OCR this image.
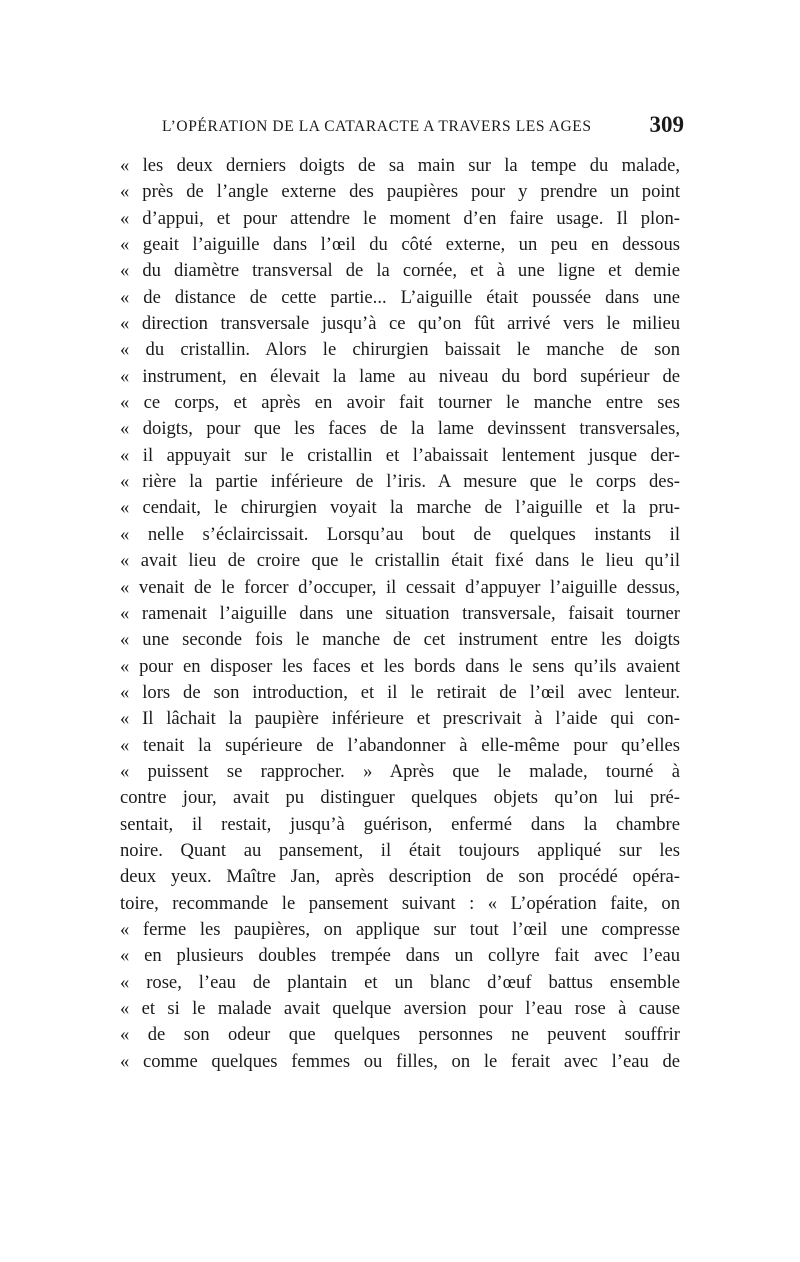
L’OPÉRATION DE LA CATARACTE A TRAVERS LES AGES	309
« les deux derniers doigts de sa main sur la tempe du malade,
« près de l’angle externe des paupières pour y prendre un point
« d’appui, et pour attendre le moment d’en faire usage. Il plon-
« geait l’aiguille dans l’œil du côté externe, un peu en dessous
« du diamètre transversal de la cornée, et à une ligne et demie
« de distance de cette partie... L’aiguille était poussée dans une
« direction transversale jusqu’à ce qu’on fût arrivé vers le milieu
« du cristallin. Alors le chirurgien baissait le manche de son
« instrument, en élevait la lame au niveau du bord supérieur de
« ce corps, et après en avoir fait tourner le manche entre ses
« doigts, pour que les faces de la lame devinssent transversales,
« il appuyait sur le cristallin et l’abaissait lentement jusque der-
« rière la partie inférieure de l’iris. A mesure que le corps des-
« cendait, le chirurgien voyait la marche de l’aiguille et la pru-
« nelle s’éclaircissait. Lorsqu’au bout de quelques instants il
« avait lieu de croire que le cristallin était fixé dans le lieu qu’il
« venait de le forcer d’occuper, il cessait d’appuyer l’aiguille dessus,
« ramenait l’aiguille dans une situation transversale, faisait tourner
« une seconde fois le manche de cet instrument entre les doigts
« pour en disposer les faces et les bords dans le sens qu’ils avaient
« lors de son introduction, et il le retirait de l’œil avec lenteur.
« Il lâchait la paupière inférieure et prescrivait à l’aide qui con-
« tenait la supérieure de l’abandonner à elle-même pour qu’elles
« puissent se rapprocher. » Après que le malade, tourné à
contre jour, avait pu distinguer quelques objets qu’on lui pré-
sentait, il restait, jusqu’à guérison, enfermé dans la chambre
noire. Quant au pansement, il était toujours appliqué sur les
deux yeux. Maître Jan, après description de son procédé opéra-
toire, recommande le pansement suivant : « L’opération faite, on
« ferme les paupières, on applique sur tout l’œil une compresse
« en plusieurs doubles trempée dans un collyre fait avec l’eau
« rose, l’eau de plantain et un blanc d’œuf battus ensemble
« et si le malade avait quelque aversion pour l’eau rose à cause
« de son odeur que quelques personnes ne peuvent souffrir
« comme quelques femmes ou filles, on le ferait avec l’eau de
